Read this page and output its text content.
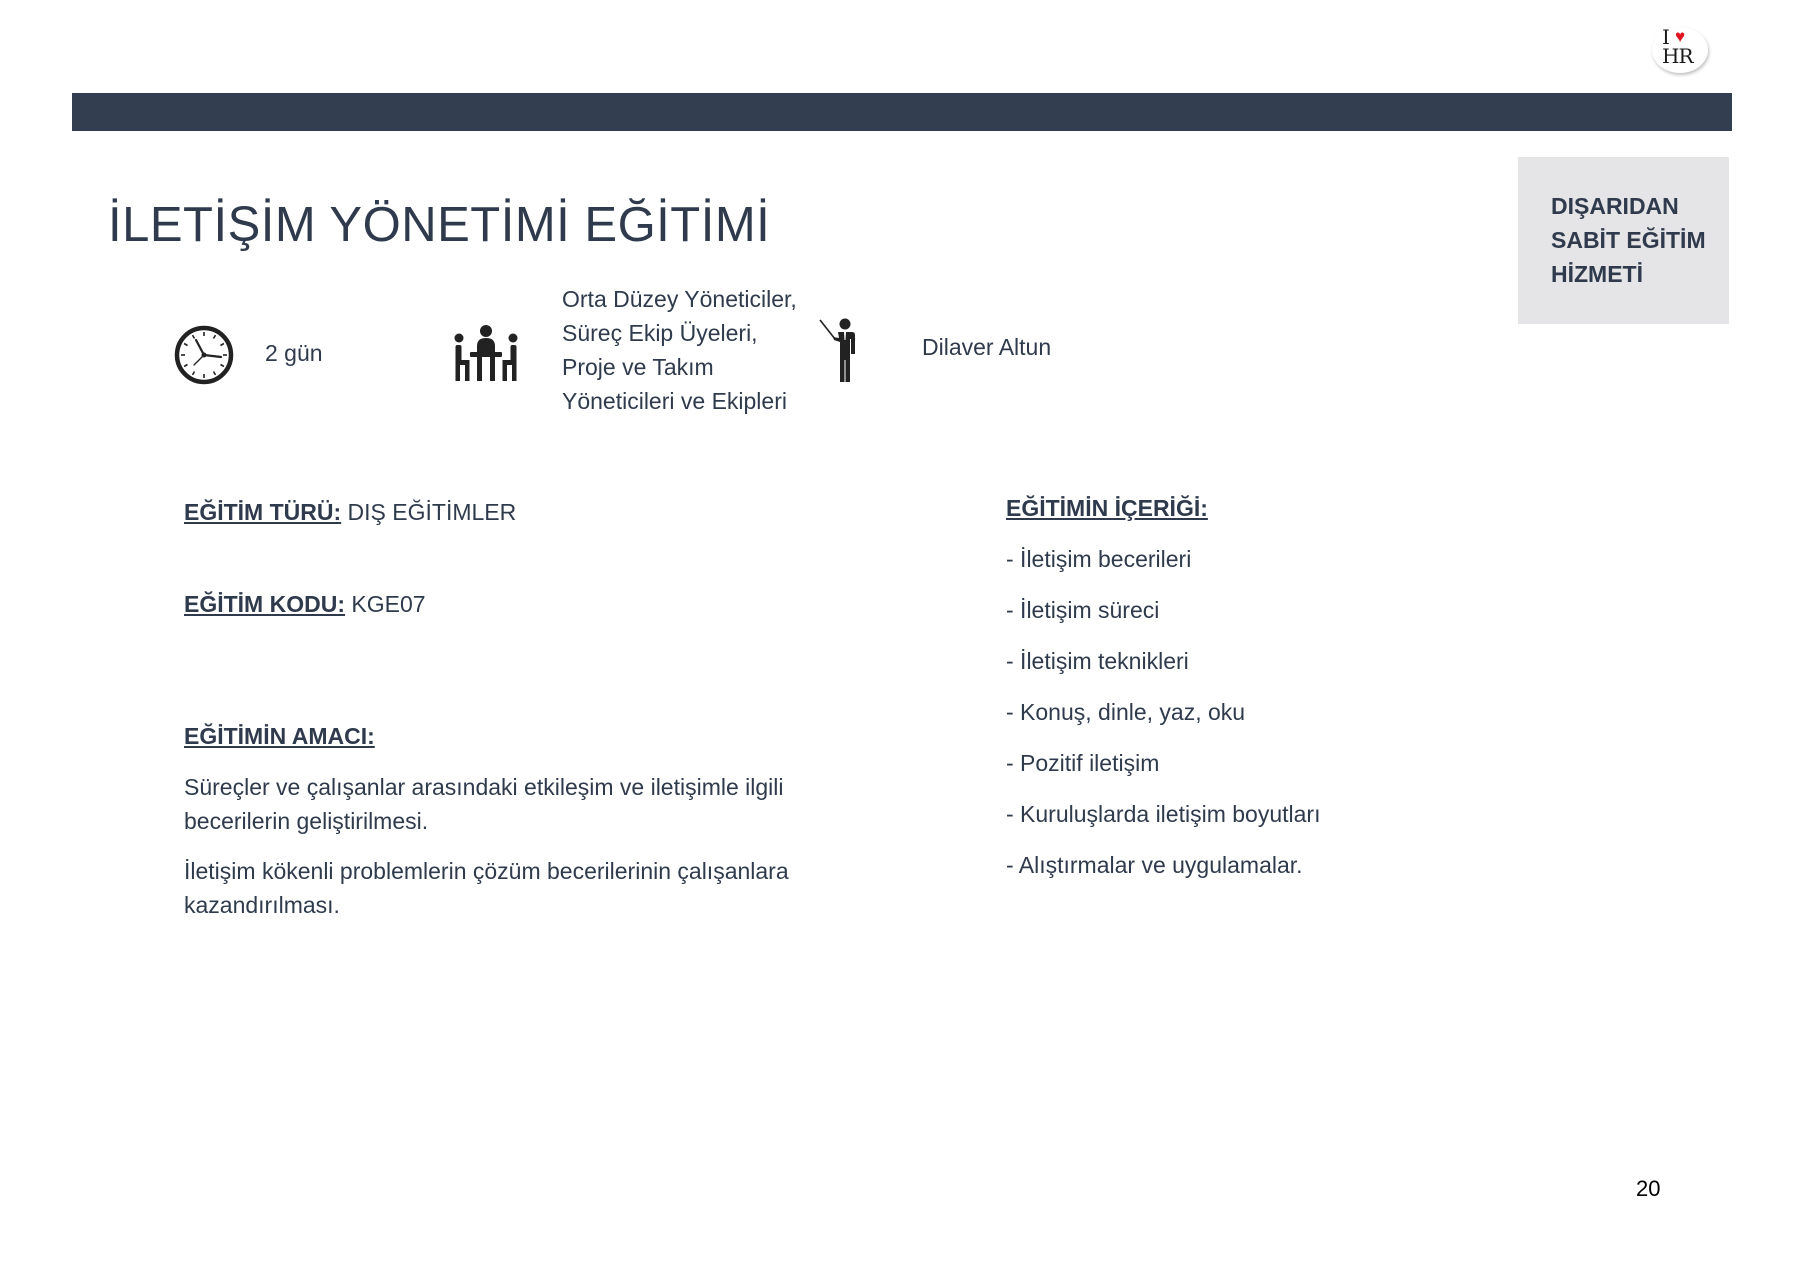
I ♥
HR
DIŞARIDAN
SABİT EĞİTİM
HİZMETİ
İLETİŞİM YÖNETİMİ EĞİTİMİ
2 gün
Orta Düzey Yöneticiler, Süreç Ekip Üyeleri, Proje ve Takım Yöneticileri ve Ekipleri
Dilaver Altun
EĞİTİM TÜRÜ: DIŞ EĞİTİMLER
EĞİTİM KODU: KGE07
EĞİTİMİN AMACI:

Süreçler ve çalışanlar arasındaki etkileşim ve iletişimle ilgili becerilerin geliştirilmesi.

İletişim kökenli problemlerin çözüm becerilerinin çalışanlara kazandırılması.

EĞİTİMİN İÇERİĞİ:
- İletişim becerileri
- İletişim süreci
- İletişim teknikleri
- Konuş, dinle, yaz, oku
- Pozitif iletişim
- Kuruluşlarda iletişim boyutları
- Alıştırmalar ve uygulamalar.
20
